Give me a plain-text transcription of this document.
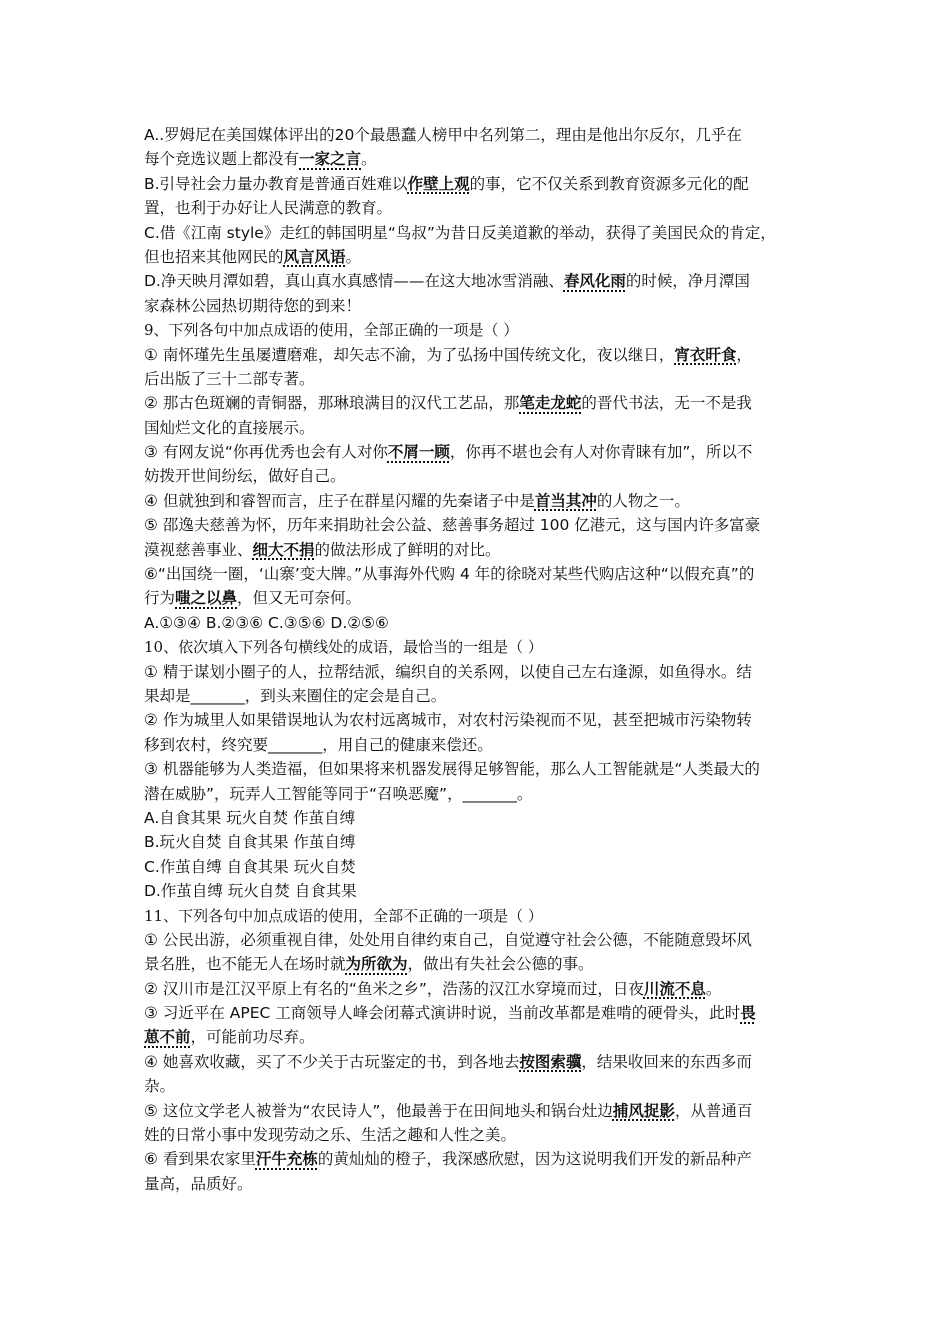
A..罗姆尼在美国媒体评出的20个最愚蠢人榜甲中名列第二，理由是他出尔反尔，几乎在
每个竞选议题上都没有一家之言。
B.引导社会力量办教育是普通百姓难以作壁上观的事，它不仅关系到教育资源多元化的配
置，也利于办好让人民满意的教育。
C.借《江南 style》走红的韩国明星“鸟叔”为昔日反美道歉的举动，获得了美国民众的肯定，
但也招来其他网民的风言风语。
D.净天映月潭如碧，真山真水真感情——在这大地冰雪消融、春风化雨的时候，净月潭国
家森林公园热切期待您的到来！
9、下列各句中加点成语的使用，全部正确的一项是（ ）
① 南怀瑾先生虽屡遭磨难，却矢志不渝，为了弘扬中国传统文化，夜以继日，宵衣旰食，
后出版了三十二部专著。
② 那古色斑斓的青铜器，那琳琅满目的汉代工艺品，那笔走龙蛇的晋代书法，无一不是我
国灿烂文化的直接展示。
③ 有网友说“你再优秀也会有人对你不屑一顾，你再不堪也会有人对你青睐有加”，所以不
妨拨开世间纷纭，做好自己。
④ 但就独到和睿智而言，庄子在群星闪耀的先秦诸子中是首当其冲的人物之一。
⑤ 邵逸夫慈善为怀，历年来捐助社会公益、慈善事务超过 100 亿港元，这与国内许多富豪
漠视慈善事业、细大不捐的做法形成了鲜明的对比。
⑥“出国绕一圈，‘山寨’变大牌。”从事海外代购 4 年的徐晓对某些代购店这种“以假充真”的
行为嗤之以鼻，但又无可奈何。
A.①③④ B.②③⑥ C.③⑤⑥ D.②⑤⑥
10、依次填入下列各句横线处的成语，最恰当的一组是（ ）
① 精于谋划小圈子的人，拉帮结派，编织自的关系网，以使自己左右逢源，如鱼得水。结
果却是_______，到头来圈住的定会是自己。
② 作为城里人如果错误地认为农村远离城市，对农村污染视而不见，甚至把城市污染物转
移到农村，终究要_______，用自己的健康来偿还。
③ 机器能够为人类造福，但如果将来机器发展得足够智能，那么人工智能就是“人类最大的
潜在威胁”，玩弄人工智能等同于“召唤恶魔”，_______。
A.自食其果 玩火自焚 作茧自缚
B.玩火自焚 自食其果 作茧自缚
C.作茧自缚 自食其果 玩火自焚
D.作茧自缚 玩火自焚 自食其果
11、下列各句中加点成语的使用，全部不正确的一项是（ ）
① 公民出游，必须重视自律，处处用自律约束自己，自觉遵守社会公德，不能随意毁坏风
景名胜，也不能无人在场时就为所欲为，做出有失社会公德的事。
② 汉川市是江汉平原上有名的“鱼米之乡”，浩荡的汉江水穿境而过，日夜川流不息。
③ 习近平在 APEC 工商领导人峰会闭幕式演讲时说，当前改革都是难啃的硬骨头，此时畏
葸不前，可能前功尽弃。
④ 她喜欢收藏，买了不少关于古玩鉴定的书，到各地去按图索骥，结果收回来的东西多而
杂。
⑤ 这位文学老人被誉为“农民诗人”，他最善于在田间地头和锅台灶边捕风捉影，从普通百
姓的日常小事中发现劳动之乐、生活之趣和人性之美。
⑥ 看到果农家里汗牛充栋的黄灿灿的橙子，我深感欣慰，因为这说明我们开发的新品种产
量高，品质好。
